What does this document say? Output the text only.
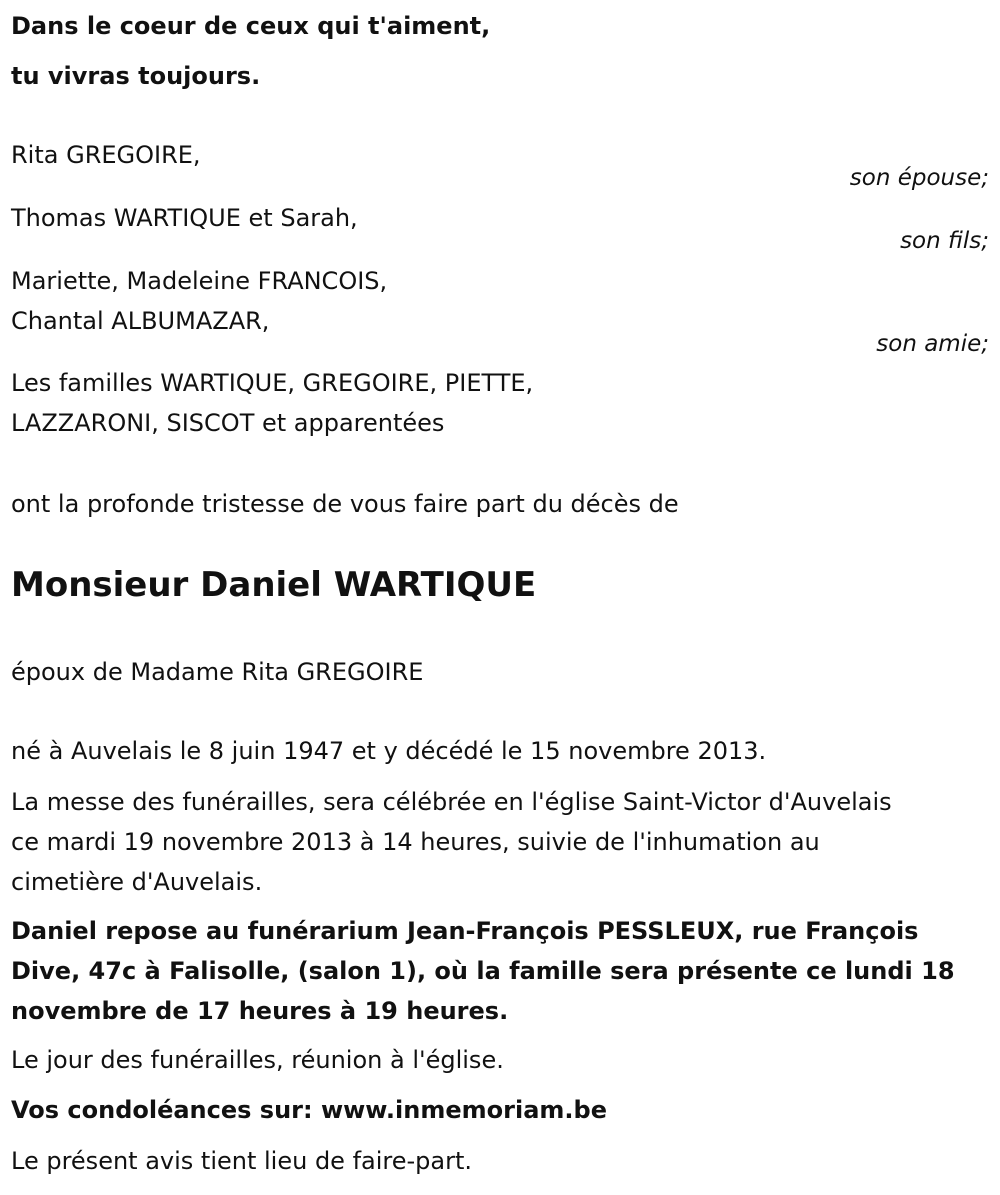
Dans le coeur de ceux qui t'aiment,
tu vivras toujours.
Rita GREGOIRE,
son épouse;
Thomas WARTIQUE et Sarah,
son fils;
Mariette, Madeleine FRANCOIS,
Chantal ALBUMAZAR,
son amie;
Les familles WARTIQUE, GREGOIRE, PIETTE,
LAZZARONI, SISCOT et apparentées
ont la profonde tristesse de vous faire part du décès de
Monsieur Daniel WARTIQUE
époux de Madame Rita GREGOIRE
né à Auvelais le 8 juin 1947 et y décédé le 15 novembre 2013.
La messe des funérailles, sera célébrée en l'église Saint-Victor d'Auvelais
ce mardi 19 novembre 2013 à 14 heures, suivie de l'inhumation au
cimetière d'Auvelais.
Daniel repose au funérarium Jean-François PESSLEUX, rue François
Dive, 47c à Falisolle, (salon 1), où la famille sera présente ce lundi 18
novembre de 17 heures à 19 heures.
Le jour des funérailles, réunion à l'église.
Vos condoléances sur: www.inmemoriam.be
Le présent avis tient lieu de faire-part.
